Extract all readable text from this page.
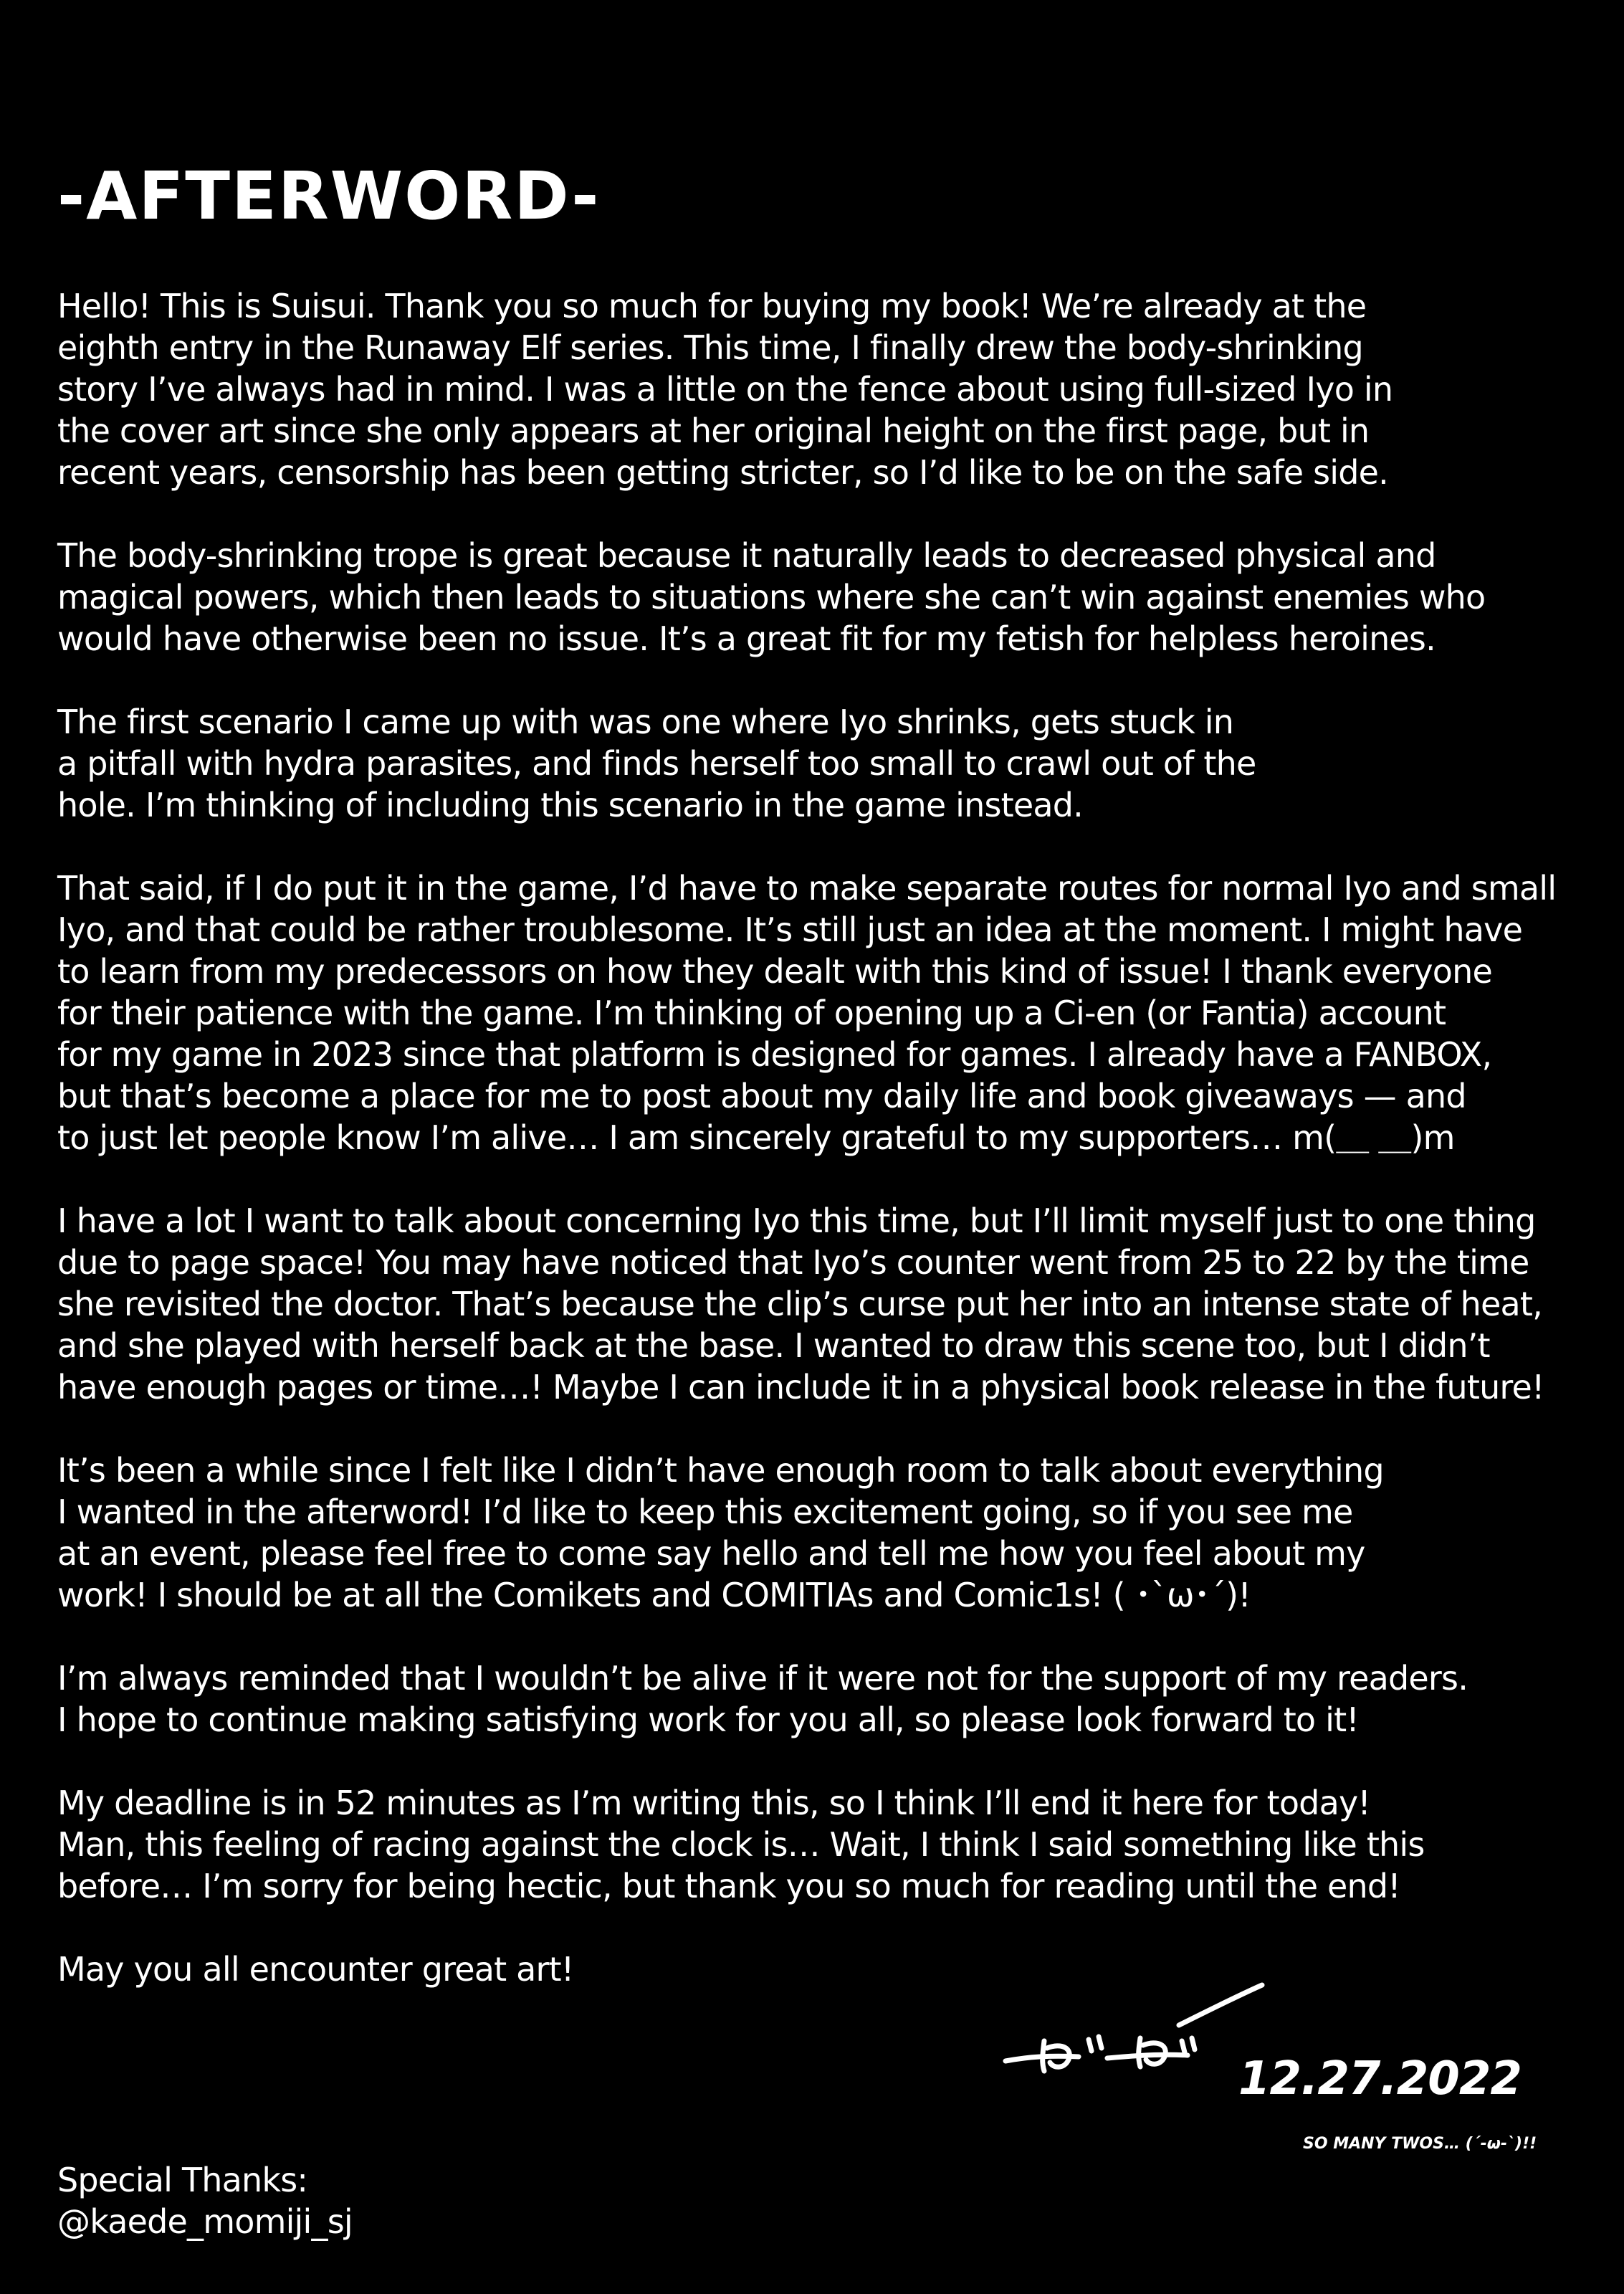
-AFTERWORD-
Hello! This is Suisui. Thank you so much for buying my book! We’re already at the
eighth entry in the Runaway Elf series. This time, I finally drew the body-shrinking
story I’ve always had in mind. I was a little on the fence about using full-sized Iyo in
the cover art since she only appears at her original height on the first page, but in
recent years, censorship has been getting stricter, so I’d like to be on the safe side.
The body-shrinking trope is great because it naturally leads to decreased physical and
magical powers, which then leads to situations where she can’t win against enemies who
would have otherwise been no issue. It’s a great fit for my fetish for helpless heroines.
The first scenario I came up with was one where Iyo shrinks, gets stuck in
a pitfall with hydra parasites, and finds herself too small to crawl out of the
hole. I’m thinking of including this scenario in the game instead.
That said, if I do put it in the game, I’d have to make separate routes for normal Iyo and small
Iyo, and that could be rather troublesome. It’s still just an idea at the moment. I might have
to learn from my predecessors on how they dealt with this kind of issue! I thank everyone
for their patience with the game. I’m thinking of opening up a Ci-en (or Fantia) account
for my game in 2023 since that platform is designed for games. I already have a FANBOX,
but that’s become a place for me to post about my daily life and book giveaways — and
to just let people know I’m alive… I am sincerely grateful to my supporters… m(＿ ＿)m
I have a lot I want to talk about concerning Iyo this time, but I’ll limit myself just to one thing
due to page space! You may have noticed that Iyo’s counter went from 25 to 22 by the time
she revisited the doctor. That’s because the clip’s curse put her into an intense state of heat,
and she played with herself back at the base. I wanted to draw this scene too, but I didn’t
have enough pages or time…! Maybe I can include it in a physical book release in the future!
It’s been a while since I felt like I didn’t have enough room to talk about everything
I wanted in the afterword! I’d like to keep this excitement going, so if you see me
at an event, please feel free to come say hello and tell me how you feel about my
work! I should be at all the Comikets and COMITIAs and Comic1s! ( ･`ω･´)!
I’m always reminded that I wouldn’t be alive if it were not for the support of my readers.
I hope to continue making satisfying work for you all, so please look forward to it!
My deadline is in 52 minutes as I’m writing this, so I think I’ll end it here for today!
Man, this feeling of racing against the clock is… Wait, I think I said something like this
before… I’m sorry for being hectic, but thank you so much for reading until the end!
May you all encounter great art!
12.27.2022
SO MANY TWOS… (´-ω-`)!!
Special Thanks:
@kaede_momiji_sj
